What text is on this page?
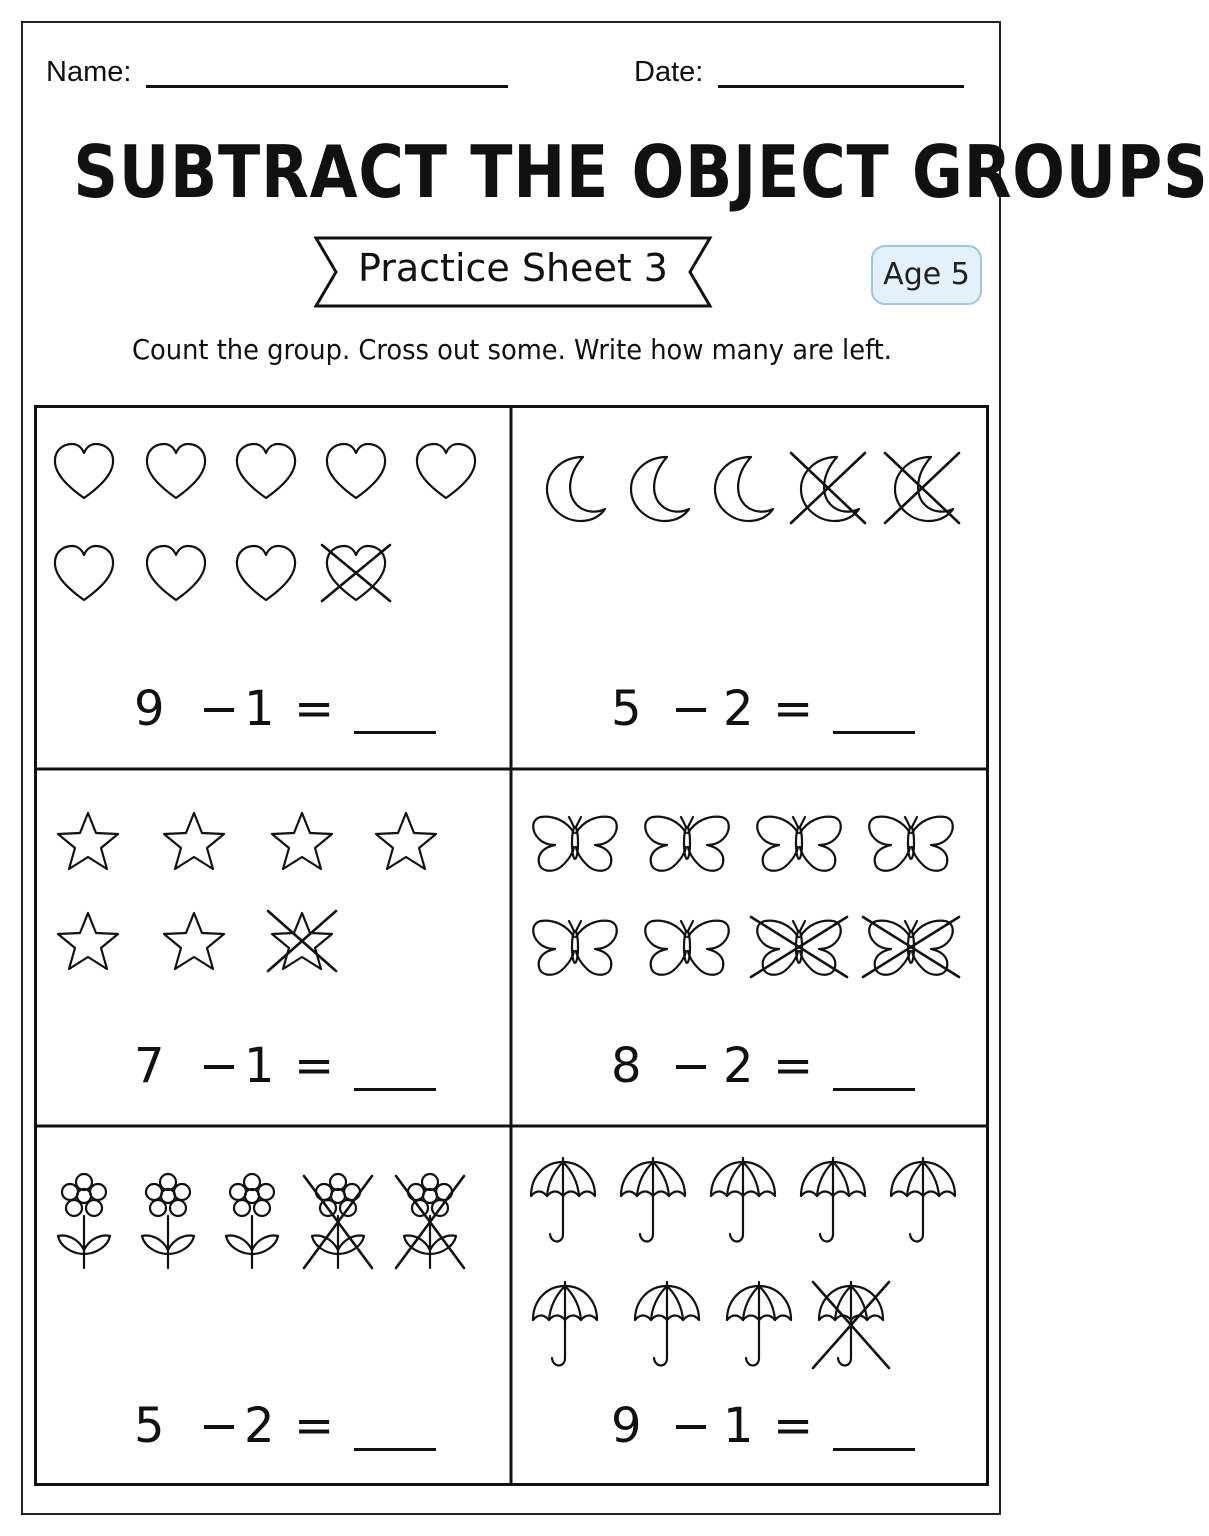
Name:	Date:
SUBTRACT THE OBJECT GROUPS
Practice Sheet 3	Age 5
Count the group. Cross out some. Write how many are left.
9 − 1 =	5 − 2 =
7 − 1 =	8 − 2 =
5 − 2 =	9 − 1 =
